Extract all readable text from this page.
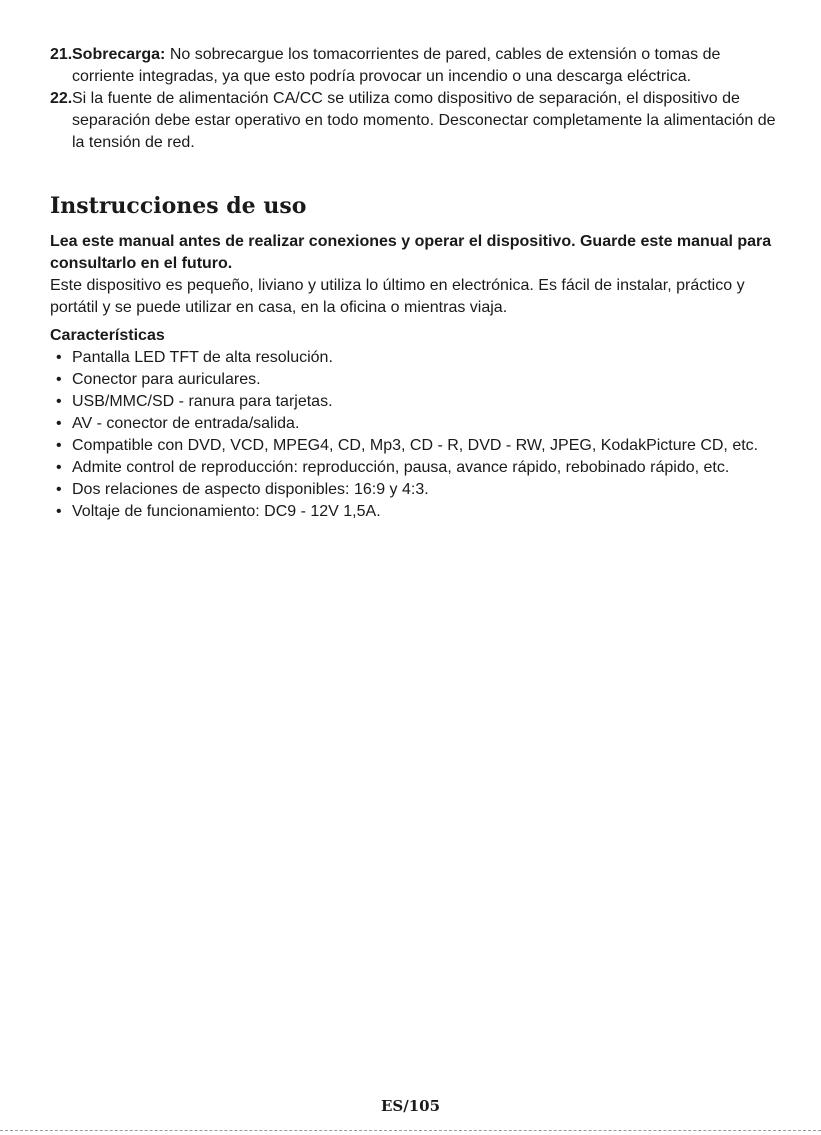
21. Sobrecarga: No sobrecargue los tomacorrientes de pared, cables de extensión o tomas de corriente integradas, ya que esto podría provocar un incendio o una descarga eléctrica.
22. Si la fuente de alimentación CA/CC se utiliza como dispositivo de separación, el dispositivo de separación debe estar operativo en todo momento. Desconectar completamente la alimentación de la tensión de red.
Instrucciones de uso

Lea este manual antes de realizar conexiones y operar el dispositivo. Guarde este manual para consultarlo en el futuro.

Este dispositivo es pequeño, liviano y utiliza lo último en electrónica. Es fácil de instalar, práctico y portátil y se puede utilizar en casa, en la oficina o mientras viaja.

Características

• Pantalla LED TFT de alta resolución.
• Conector para auriculares.
• USB/MMC/SD - ranura para tarjetas.
• AV - conector de entrada/salida.
• Compatible con DVD, VCD, MPEG4, CD, Mp3, CD - R, DVD - RW, JPEG, KodakPicture CD, etc.
• Admite control de reproducción: reproducción, pausa, avance rápido, rebobinado rápido, etc.
• Dos relaciones de aspecto disponibles: 16:9 y 4:3.
• Voltaje de funcionamiento: DC9 - 12V 1,5A.
ES/105
